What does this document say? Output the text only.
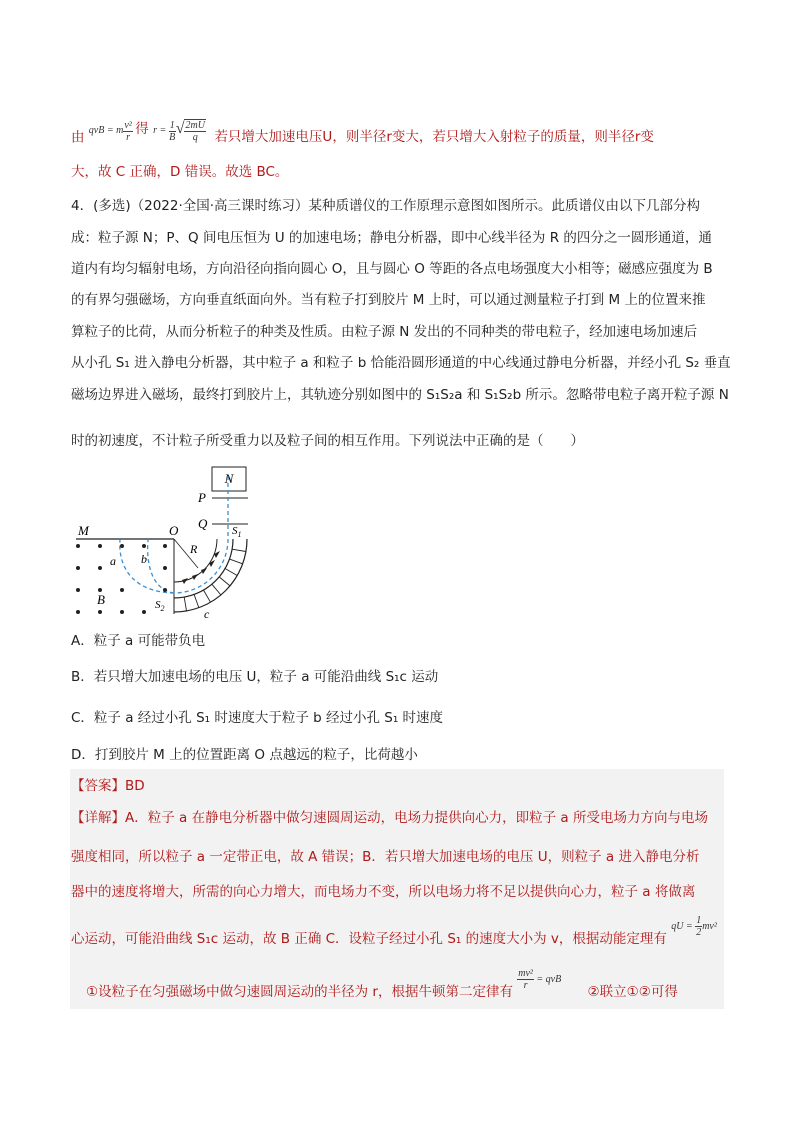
由 $^{qvB = m \frac{\text{v²}}{r}}$ 得 $^{r = \frac{1}{B} √ \frac{2mU}{q}}$ 若只增大加速电压U，则半径r变大，若只增大入射粒子的质量，则半径r变
大，故 C 正确，D 错误。故选 BC。
4．(多选)（2022·全国·高三课时练习）某种质谱仪的工作原理示意图如图所示。此质谱仪由以下几部分构
成：粒子源 N；P、Q 间电压恒为 U 的加速电场；静电分析器，即中心线半径为 R 的四分之一圆形通道，通
道内有均匀辐射电场，方向沿径向指向圆心 O，且与圆心 O 等距的各点电场强度大小相等；磁感应强度为 B
的有界匀强磁场，方向垂直纸面向外。当有粒子打到胶片 M 上时，可以通过测量粒子打到 M 上的位置来推
算粒子的比荷，从而分析粒子的种类及性质。由粒子源 N 发出的不同种类的带电粒子，经加速电场加速后
从小孔 S₁ 进入静电分析器，其中粒子 a 和粒子 b 恰能沿圆形通道的中心线通过静电分析器，并经小孔 S₂ 垂直
磁场边界进入磁场，最终打到胶片上，其轨迹分别如图中的 S₁S₂a 和 S₁S₂b 所示。忽略带电粒子离开粒子源 N
时的初速度，不计粒子所受重力以及粒子间的相互作用。下列说法中正确的是（　　）
N
P
Q
M	O
R
$S_1$
$S_2$	c
a b
B
A．粒子 a 可能带负电
B．若只增大加速电场的电压 U，粒子 a 可能沿曲线 S₁c 运动
C．粒子 a 经过小孔 S₁ 时速度大于粒子 b 经过小孔 S₁ 时速度
D．打到胶片 M 上的位置距离 O 点越远的粒子，比荷越小
【答案】BD
【详解】A．粒子 a 在静电分析器中做匀速圆周运动，电场力提供向心力，即粒子 a 所受电场力方向与电场
强度相同，所以粒子 a 一定带正电，故 A 错误；B．若只增大加速电场的电压 U，则粒子 a 进入静电分析
器中的速度将增大，所需的向心力增大，而电场力不变，所以电场力将不足以提供向心力，粒子 a 将做离
心运动，可能沿曲线 S₁c 运动，故 B 正确 C．设粒子经过小孔 S₁ 的速度大小为 v，根据动能定理有 $^{qU = \frac{1}{2} mv^2}$
①设粒子在匀强磁场中做匀速圆周运动的半径为 r，根据牛顿第二定律有
$^{\frac{\text{mv²}}{r} = qvB}$ ②联立①②可得
